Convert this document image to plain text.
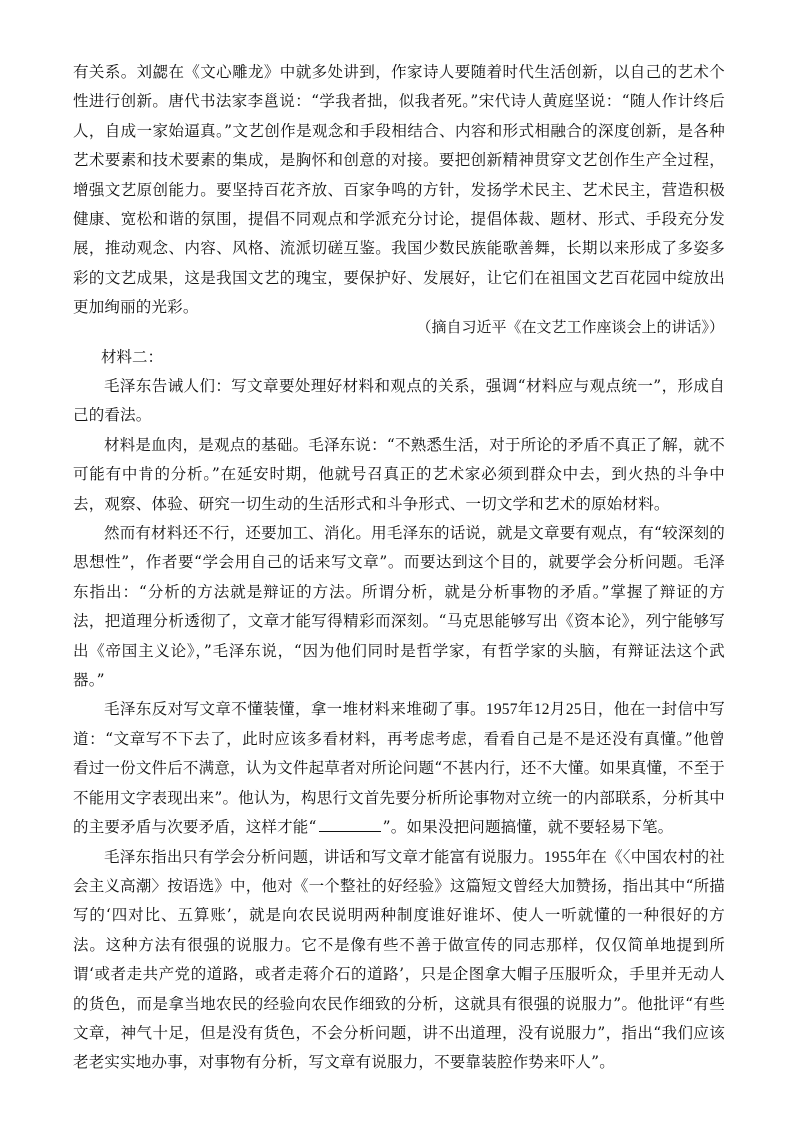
有关系。刘勰在《文心雕龙》中就多处讲到，作家诗人要随着时代生活创新，以自己的艺术个性进行创新。唐代书法家李邕说：“学我者拙，似我者死。”宋代诗人黄庭坚说：“随人作计终后人，自成一家始逼真。”文艺创作是观念和手段相结合、内容和形式相融合的深度创新，是各种艺术要素和技术要素的集成，是胸怀和创意的对接。要把创新精神贯穿文艺创作生产全过程，增强文艺原创能力。要坚持百花齐放、百家争鸣的方针，发扬学术民主、艺术民主，营造积极健康、宽松和谐的氛围，提倡不同观点和学派充分讨论，提倡体裁、题材、形式、手段充分发展，推动观念、内容、风格、流派切磋互鉴。我国少数民族能歌善舞，长期以来形成了多姿多彩的文艺成果，这是我国文艺的瑰宝，要保护好、发展好，让它们在祖国文艺百花园中绽放出更加绚丽的光彩。

（摘自习近平《在文艺工作座谈会上的讲话》）
材料二：

毛泽东告诫人们：写文章要处理好材料和观点的关系，强调“材料应与观点统一”，形成自己的看法。

材料是血肉，是观点的基础。毛泽东说：“不熟悉生活，对于所论的矛盾不真正了解，就不可能有中肯的分析。”在延安时期，他就号召真正的艺术家必须到群众中去，到火热的斗争中去，观察、体验、研究一切生动的生活形式和斗争形式、一切文学和艺术的原始材料。

然而有材料还不行，还要加工、消化。用毛泽东的话说，就是文章要有观点，有“较深刻的思想性”，作者要“学会用自己的话来写文章”。而要达到这个目的，就要学会分析问题。毛泽东指出：“分析的方法就是辩证的方法。所谓分析，就是分析事物的矛盾。”掌握了辩证的方法，把道理分析透彻了，文章才能写得精彩而深刻。“马克思能够写出《资本论》，列宁能够写出《帝国主义论》，”毛泽东说，“因为他们同时是哲学家，有哲学家的头脑，有辩证法这个武器。”

毛泽东反对写文章不懂装懂，拿一堆材料来堆砌了事。1957年12月25日，他在一封信中写道：“文章写不下去了，此时应该多看材料，再考虑考虑，看看自己是不是还没有真懂。”他曾看过一份文件后不满意，认为文件起草者对所论问题“不甚内行，还不大懂。如果真懂，不至于不能用文字表现出来”。他认为，构思行文首先要分析所论事物对立统一的内部联系，分析其中的主要矛盾与次要矛盾，这样才能“	”。如果没把问题搞懂，就不要轻易下笔。

毛泽东指出只有学会分析问题，讲话和写文章才能富有说服力。1955年在《〈中国农村的社会主义高潮〉按语选》中，他对《一个整社的好经验》这篇短文曾经大加赞扬，指出其中“所描写的‘四对比、五算账’，就是向农民说明两种制度谁好谁坏、使人一听就懂的一种很好的方法。这种方法有很强的说服力。它不是像有些不善于做宣传的同志那样，仅仅简单地提到所谓‘或者走共产党的道路，或者走蒋介石的道路’，只是企图拿大帽子压服听众，手里并无动人的货色，而是拿当地农民的经验向农民作细致的分析，这就具有很强的说服力”。他批评“有些文章，神气十足，但是没有货色，不会分析问题，讲不出道理，没有说服力”，指出“我们应该老老实实地办事，对事物有分析，写文章有说服力，不要靠装腔作势来吓人”。
